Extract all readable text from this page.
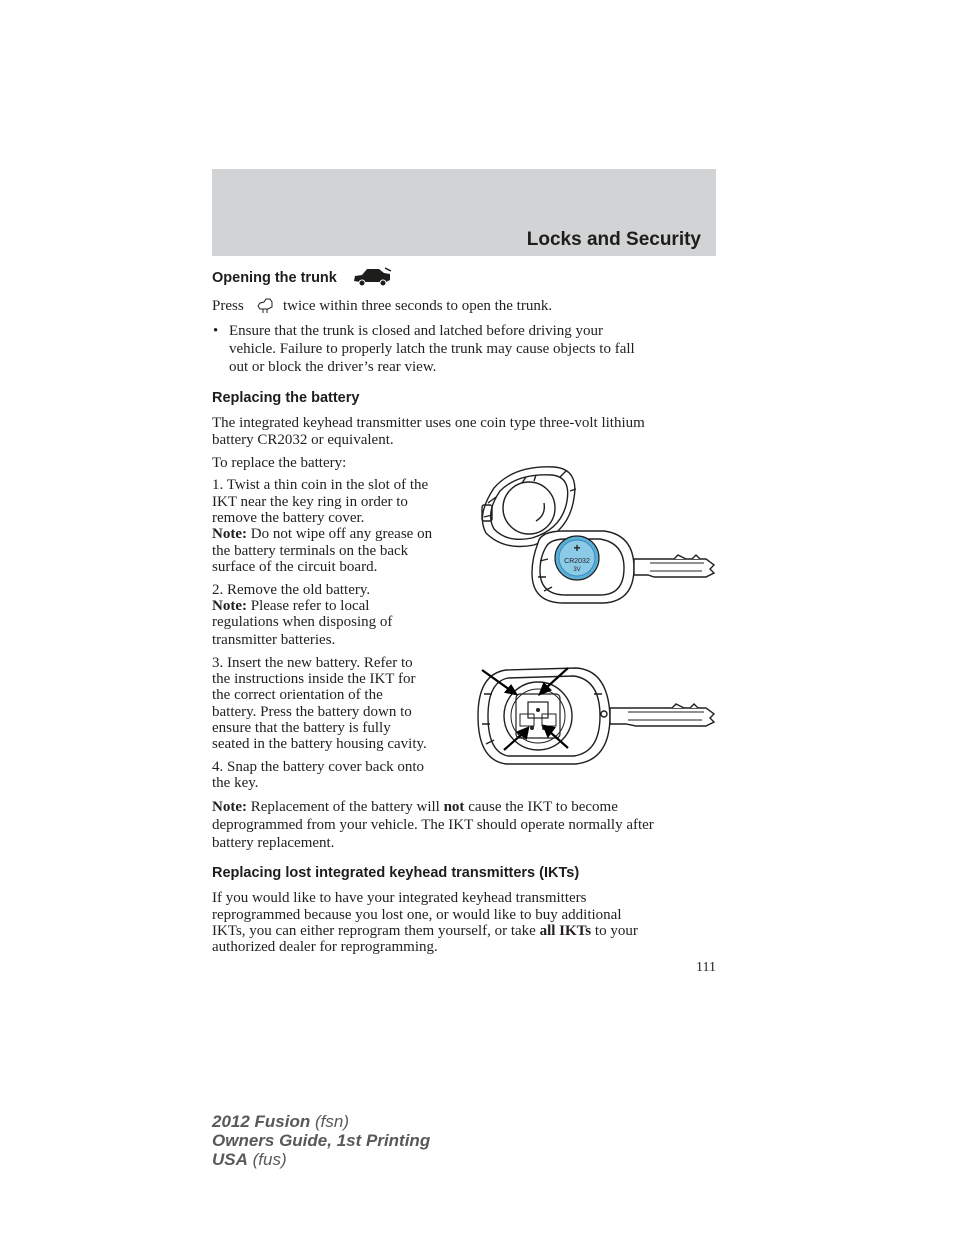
Locks and Security
Opening the trunk
Press	twice within three seconds to open the trunk.
• Ensure that the trunk is closed and latched before driving your
vehicle. Failure to properly latch the trunk may cause objects to fall
out or block the driver’s rear view.
Replacing the battery
The integrated keyhead transmitter uses one coin type three-volt lithium
battery CR2032 or equivalent.
To replace the battery:
1. Twist a thin coin in the slot of the
IKT near the key ring in order to
remove the battery cover.
Note: Do not wipe off any grease on
the battery terminals on the back
surface of the circuit board.
2. Remove the old battery.
Note: Please refer to local
regulations when disposing of
transmitter batteries.
3. Insert the new battery. Refer to
the instructions inside the IKT for
the correct orientation of the
battery. Press the battery down to
ensure that the battery is fully
seated in the battery housing cavity.
4. Snap the battery cover back onto
the key.
Note: Replacement of the battery will not cause the IKT to become
deprogrammed from your vehicle. The IKT should operate normally after
battery replacement.
+
CR2032
3V
Replacing lost integrated keyhead transmitters (IKTs)
If you would like to have your integrated keyhead transmitters
reprogrammed because you lost one, or would like to buy additional
IKTs, you can either reprogram them yourself, or take all IKTs to your
authorized dealer for reprogramming.
111
2012 Fusion (fsn)
Owners Guide, 1st Printing
USA (fus)
